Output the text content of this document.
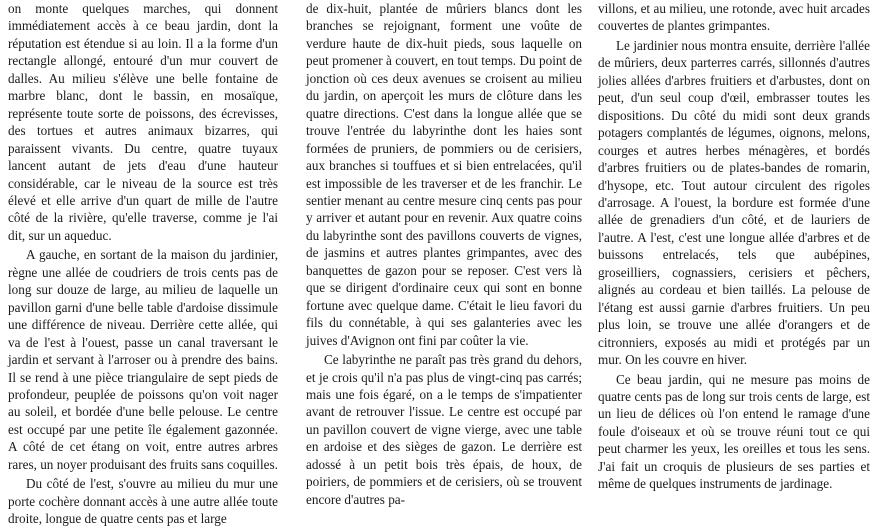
on monte quelques marches, qui donnent immédiatement accès à ce beau jardin, dont la réputation est étendue si au loin. Il a la forme d'un rectangle allongé, entouré d'un mur couvert de dalles. Au milieu s'élève une belle fontaine de marbre blanc, dont le bassin, en mosaïque, représente toute sorte de poissons, des écrevisses, des tortues et autres animaux bizarres, qui paraissent vivants. Du centre, quatre tuyaux lancent autant de jets d'eau d'une hauteur considérable, car le niveau de la source est très élevé et elle arrive d'un quart de mille de l'autre côté de la rivière, qu'elle traverse, comme je l'ai dit, sur un aqueduc.

A gauche, en sortant de la maison du jardinier, règne une allée de coudriers de trois cents pas de long sur douze de large, au milieu de laquelle un pavillon garni d'une belle table d'ardoise dissimule une différence de niveau. Derrière cette allée, qui va de l'est à l'ouest, passe un canal traversant le jardin et servant à l'arroser ou à prendre des bains. Il se rend à une pièce triangulaire de sept pieds de profondeur, peuplée de poissons qu'on voit nager au soleil, et bordée d'une belle pelouse. Le centre est occupé par une petite île également gazonnée. A côté de cet étang on voit, entre autres arbres rares, un noyer produisant des fruits sans coquilles.

Du côté de l'est, s'ouvre au milieu du mur une porte cochère donnant accès à une autre allée toute droite, longue de quatre cents pas et large

de dix-huit, plantée de mûriers blancs dont les branches se rejoignant, forment une voûte de verdure haute de dix-huit pieds, sous laquelle on peut promener à couvert, en tout temps. Du point de jonction où ces deux avenues se croisent au milieu du jardin, on aperçoit les murs de clôture dans les quatre directions. C'est dans la longue allée que se trouve l'entrée du labyrinthe dont les haies sont formées de pruniers, de pommiers ou de cerisiers, aux branches si touffues et si bien entrelacées, qu'il est impossible de les traverser et de les franchir. Le sentier menant au centre mesure cinq cents pas pour y arriver et autant pour en revenir. Aux quatre coins du labyrinthe sont des pavillons couverts de vignes, de jasmins et autres plantes grimpantes, avec des banquettes de gazon pour se reposer. C'est vers là que se dirigent d'ordinaire ceux qui sont en bonne fortune avec quelque dame. C'était le lieu favori du fils du connétable, à qui ses galanteries avec les juives d'Avignon ont fini par coûter la vie.

Ce labyrinthe ne paraît pas très grand du dehors, et je crois qu'il n'a pas plus de vingt-cinq pas carrés; mais une fois égaré, on a le temps de s'impatienter avant de retrouver l'issue. Le centre est occupé par un pavillon couvert de vigne vierge, avec une table en ardoise et des sièges de gazon. Le derrière est adossé à un petit bois très épais, de houx, de poiriers, de pommiers et de cerisiers, où se trouvent encore d'autres pa-

villons, et au milieu, une rotonde, avec huit arcades couvertes de plantes grimpantes.

Le jardinier nous montra ensuite, derrière l'allée de mûriers, deux parterres carrés, sillonnés d'autres jolies allées d'arbres fruitiers et d'arbustes, dont on peut, d'un seul coup d'œil, embrasser toutes les dispositions. Du côté du midi sont deux grands potagers complantés de légumes, oignons, melons, courges et autres herbes ménagères, et bordés d'arbres fruitiers ou de plates-bandes de romarin, d'hysope, etc. Tout autour circulent des rigoles d'arrosage. A l'ouest, la bordure est formée d'une allée de grenadiers d'un côté, et de lauriers de l'autre. A l'est, c'est une longue allée d'arbres et de buissons entrelacés, tels que aubépines, groseilliers, cognassiers, cerisiers et pêchers, alignés au cordeau et bien taillés. La pelouse de l'étang est aussi garnie d'arbres fruitiers. Un peu plus loin, se trouve une allée d'orangers et de citronniers, exposés au midi et protégés par un mur. On les couvre en hiver.

Ce beau jardin, qui ne mesure pas moins de quatre cents pas de long sur trois cents de large, est un lieu de délices où l'on entend le ramage d'une foule d'oiseaux et où se trouve réuni tout ce qui peut charmer les yeux, les oreilles et tous les sens. J'ai fait un croquis de plusieurs de ses parties et même de quelques instruments de jardinage.
